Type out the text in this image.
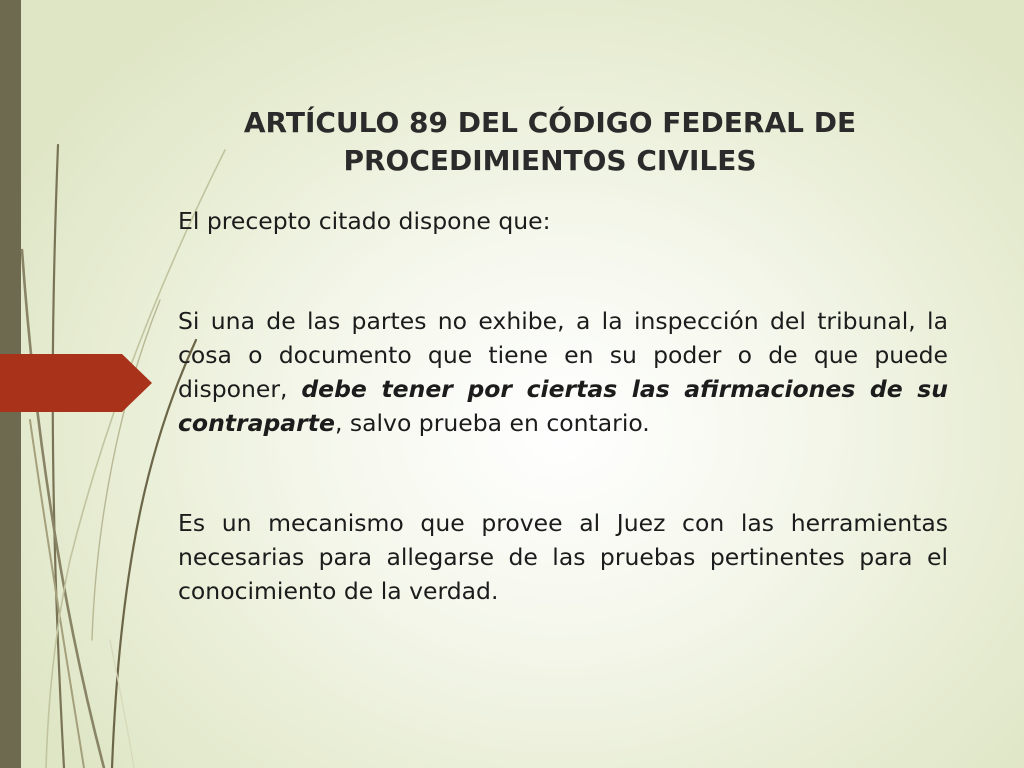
ARTÍCULO 89 DEL CÓDIGO FEDERAL DE PROCEDIMIENTOS CIVILES

El precepto citado dispone que:

Si una de las partes no exhibe, a la inspección del tribunal, la cosa o documento que tiene en su poder o de que puede disponer, debe tener por ciertas las afirmaciones de su contraparte, salvo prueba en contario.

Es un mecanismo que provee al Juez con las herramientas necesarias para allegarse de las pruebas pertinentes para el conocimiento de la verdad.
